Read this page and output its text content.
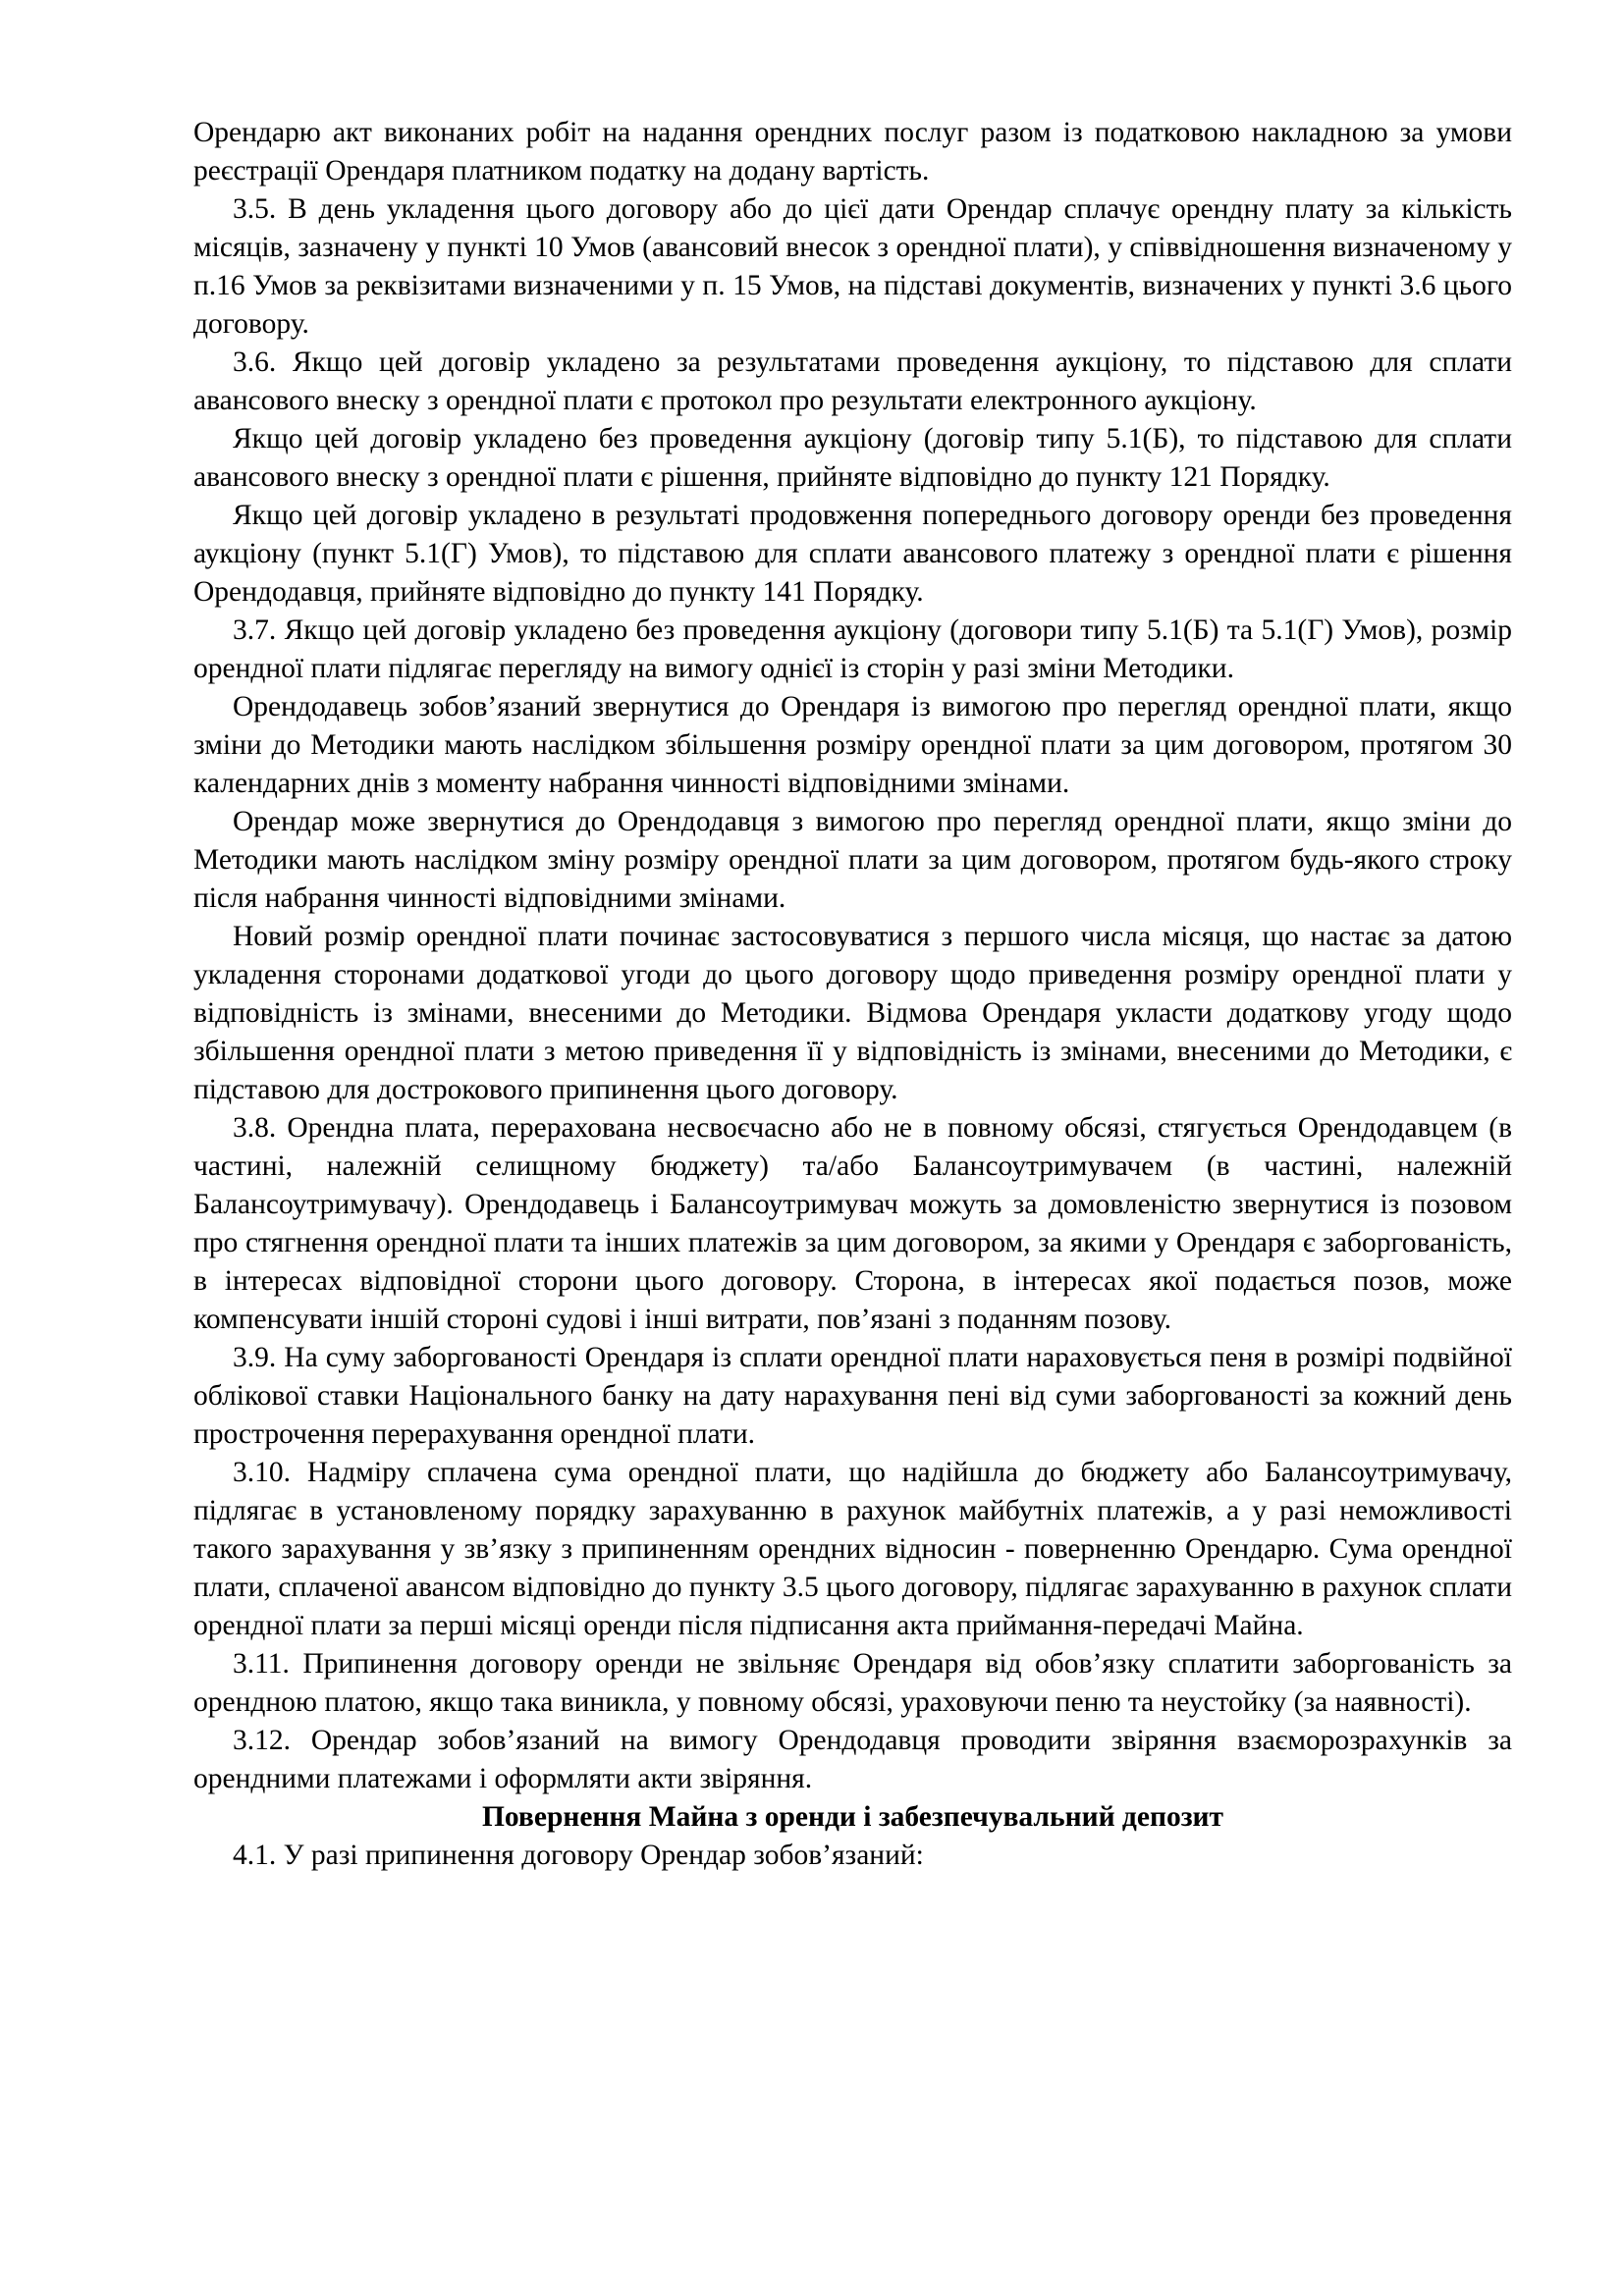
Орендарю акт виконаних робіт на надання орендних послуг разом із податковою накладною за умови реєстрації Орендаря платником податку на додану вартість.

3.5. В день укладення цього договору або до цієї дати Орендар сплачує орендну плату за кількість місяців, зазначену у пункті 10 Умов (авансовий внесок з орендної плати), у співвідношення визначеному у п.16 Умов за реквізитами визначеними у п. 15 Умов, на підставі документів, визначених у пункті 3.6 цього договору.

3.6. Якщо цей договір укладено за результатами проведення аукціону, то підставою для сплати авансового внеску з орендної плати є протокол про результати електронного аукціону.

Якщо цей договір укладено без проведення аукціону (договір типу 5.1(Б), то підставою для сплати авансового внеску з орендної плати є рішення, прийняте відповідно до пункту 121 Порядку.

Якщо цей договір укладено в результаті продовження попереднього договору оренди без проведення аукціону (пункт 5.1(Г) Умов), то підставою для сплати авансового платежу з орендної плати є рішення Орендодавця, прийняте відповідно до пункту 141 Порядку.

3.7. Якщо цей договір укладено без проведення аукціону (договори типу 5.1(Б) та 5.1(Г) Умов), розмір орендної плати підлягає перегляду на вимогу однієї із сторін у разі зміни Методики.

Орендодавець зобов’язаний звернутися до Орендаря із вимогою про перегляд орендної плати, якщо зміни до Методики мають наслідком збільшення розміру орендної плати за цим договором, протягом 30 календарних днів з моменту набрання чинності відповідними змінами.

Орендар може звернутися до Орендодавця з вимогою про перегляд орендної плати, якщо зміни до Методики мають наслідком зміну розміру орендної плати за цим договором, протягом будь-якого строку після набрання чинності відповідними змінами.

Новий розмір орендної плати починає застосовуватися з першого числа місяця, що настає за датою укладення сторонами додаткової угоди до цього договору щодо приведення розміру орендної плати у відповідність із змінами, внесеними до Методики. Відмова Орендаря укласти додаткову угоду щодо збільшення орендної плати з метою приведення її у відповідність із змінами, внесеними до Методики, є підставою для дострокового припинення цього договору.

3.8. Орендна плата, перерахована несвоєчасно або не в повному обсязі, стягується Орендодавцем (в частині, належній селищному бюджету) та/або Балансоутримувачем (в частині, належній Балансоутримувачу). Орендодавець і Балансоутримувач можуть за домовленістю звернутися із позовом про стягнення орендної плати та інших платежів за цим договором, за якими у Орендаря є заборгованість, в інтересах відповідної сторони цього договору. Сторона, в інтересах якої подається позов, може компенсувати іншій стороні судові і інші витрати, пов’язані з поданням позову.

3.9. На суму заборгованості Орендаря із сплати орендної плати нараховується пеня в розмірі подвійної облікової ставки Національного банку на дату нарахування пені від суми заборгованості за кожний день прострочення перерахування орендної плати.

3.10. Надміру сплачена сума орендної плати, що надійшла до бюджету або Балансоутримувачу, підлягає в установленому порядку зарахуванню в рахунок майбутніх платежів, а у разі неможливості такого зарахування у зв’язку з припиненням орендних відносин - поверненню Орендарю. Сума орендної плати, сплаченої авансом відповідно до пункту 3.5 цього договору, підлягає зарахуванню в рахунок сплати орендної плати за перші місяці оренди після підписання акта приймання-передачі Майна.

3.11. Припинення договору оренди не звільняє Орендаря від обов’язку сплатити заборгованість за орендною платою, якщо така виникла, у повному обсязі, ураховуючи пеню та неустойку (за наявності).

3.12. Орендар зобов’язаний на вимогу Орендодавця проводити звіряння взаєморозрахунків за орендними платежами і оформляти акти звіряння.

Повернення Майна з оренди і забезпечувальний депозит

4.1. У разі припинення договору Орендар зобов’язаний:
